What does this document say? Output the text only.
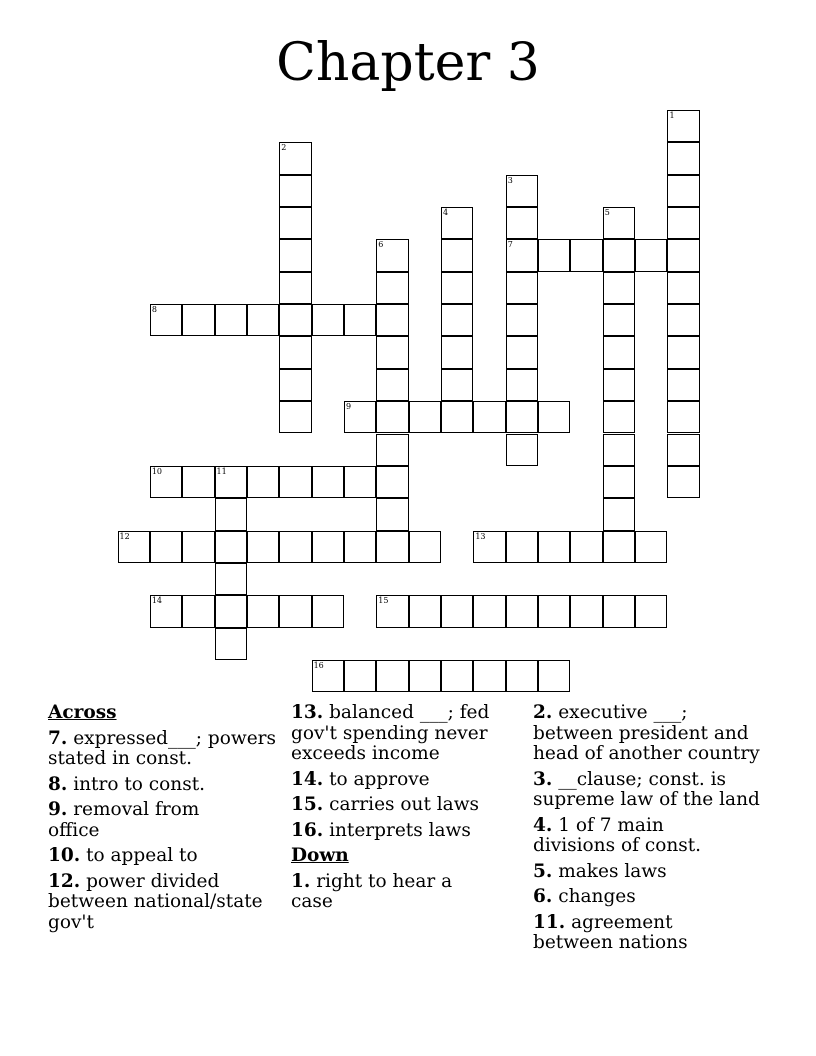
Chapter 3
1
2
3
7
4	5
6
8
9
10	11
12	13
14	15
16
Across
7. expressed___; powers stated in const.
8. intro to const.
9. removal from office
10. to appeal to
12. power divided between national/state gov't
13. balanced ___; fed gov't spending never exceeds income
14. to approve
15. carries out laws
16. interprets laws
Down
1. right to hear a case
2. executive ___; between president and head of another country
3. __clause; const. is supreme law of the land
4. 1 of 7 main divisions of const.
5. makes laws
6. changes
11. agreement between nations
